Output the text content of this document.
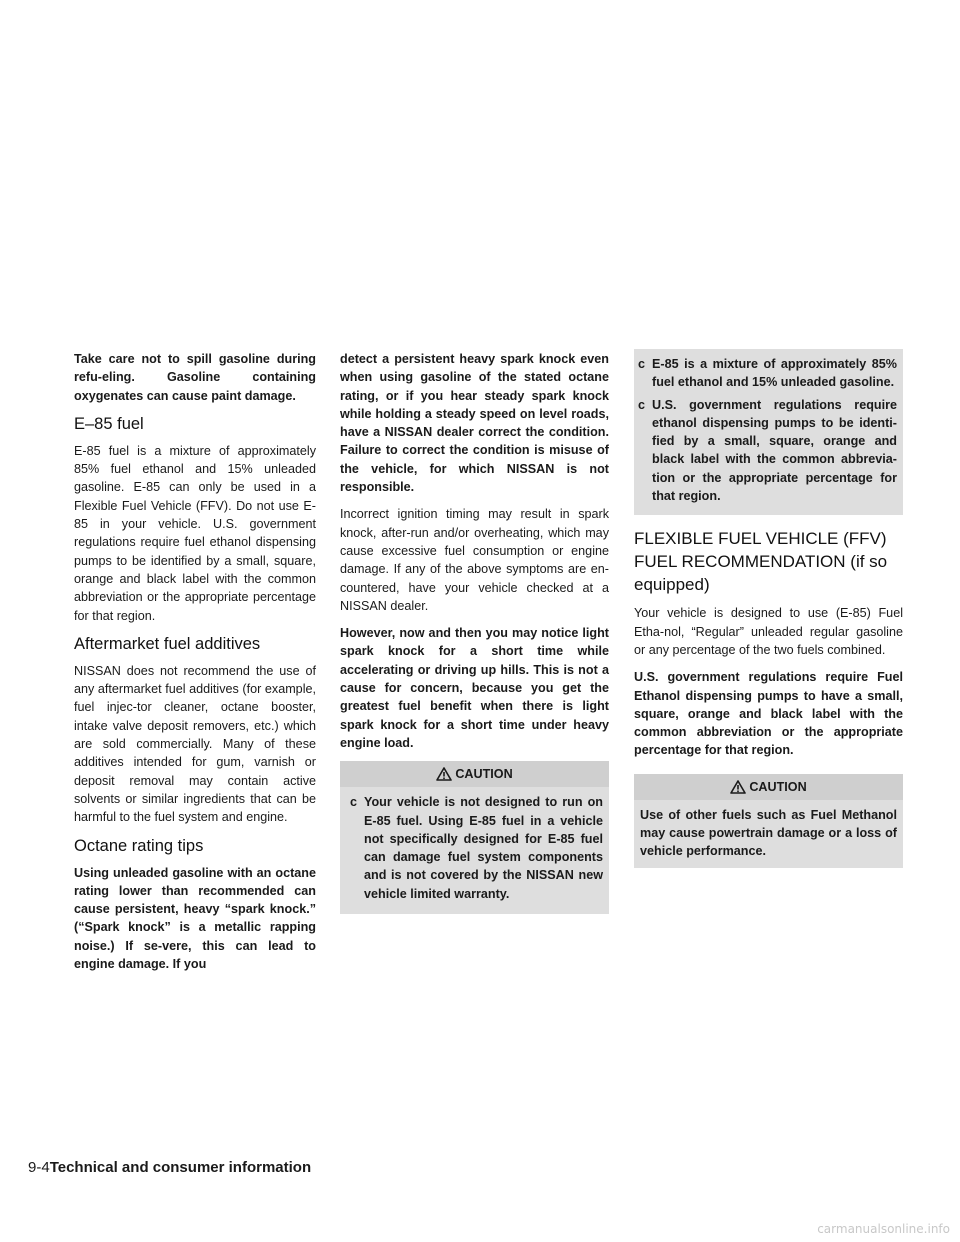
Take care not to spill gasoline during refu-eling. Gasoline containing oxygenates can cause paint damage.

E–85 fuel

E-85 fuel is a mixture of approximately 85% fuel ethanol and 15% unleaded gasoline. E-85 can only be used in a Flexible Fuel Vehicle (FFV). Do not use E-85 in your vehicle. U.S. government regulations require fuel ethanol dispensing pumps to be identified by a small, square, orange and black label with the common abbreviation or the appropriate percentage for that region.

Aftermarket fuel additives

NISSAN does not recommend the use of any aftermarket fuel additives (for example, fuel injec-tor cleaner, octane booster, intake valve deposit removers, etc.) which are sold commercially. Many of these additives intended for gum, varnish or deposit removal may contain active solvents or similar ingredients that can be harmful to the fuel system and engine.

Octane rating tips

Using unleaded gasoline with an octane rating lower than recommended can cause persistent, heavy “spark knock.” (“Spark knock” is a metallic rapping noise.) If se-vere, this can lead to engine damage. If you

detect a persistent heavy spark knock even when using gasoline of the stated octane rating, or if you hear steady spark knock while holding a steady speed on level roads, have a NISSAN dealer correct the condition. Failure to correct the condition is misuse of the vehicle, for which NISSAN is not responsible.

Incorrect ignition timing may result in spark knock, after-run and/or overheating, which may cause excessive fuel consumption or engine damage. If any of the above symptoms are en-countered, have your vehicle checked at a NISSAN dealer.

However, now and then you may notice light spark knock for a short time while accelerating or driving up hills. This is not a cause for concern, because you get the greatest fuel benefit when there is light spark knock for a short time under heavy engine load.

CAUTION
c Your vehicle is not designed to run on E-85 fuel. Using E-85 fuel in a vehicle not specifically designed for E-85 fuel can damage fuel system components and is not covered by the NISSAN new vehicle limited warranty.
c E-85 is a mixture of approximately 85% fuel ethanol and 15% unleaded gasoline.
c U.S. government regulations require ethanol dispensing pumps to be identi-fied by a small, square, orange and black label with the common abbrevia-tion or the appropriate percentage for that region.
FLEXIBLE FUEL VEHICLE (FFV) FUEL RECOMMENDATION (if so equipped)

Your vehicle is designed to use (E-85) Fuel Etha-nol, “Regular” unleaded regular gasoline or any percentage of the two fuels combined.

U.S. government regulations require Fuel Ethanol dispensing pumps to have a small, square, orange and black label with the common abbreviation or the appropriate percentage for that region.

CAUTION

Use of other fuels such as Fuel Methanol may cause powertrain damage or a loss of vehicle performance.

9-4Technical and consumer information
carmanualsonline.info
